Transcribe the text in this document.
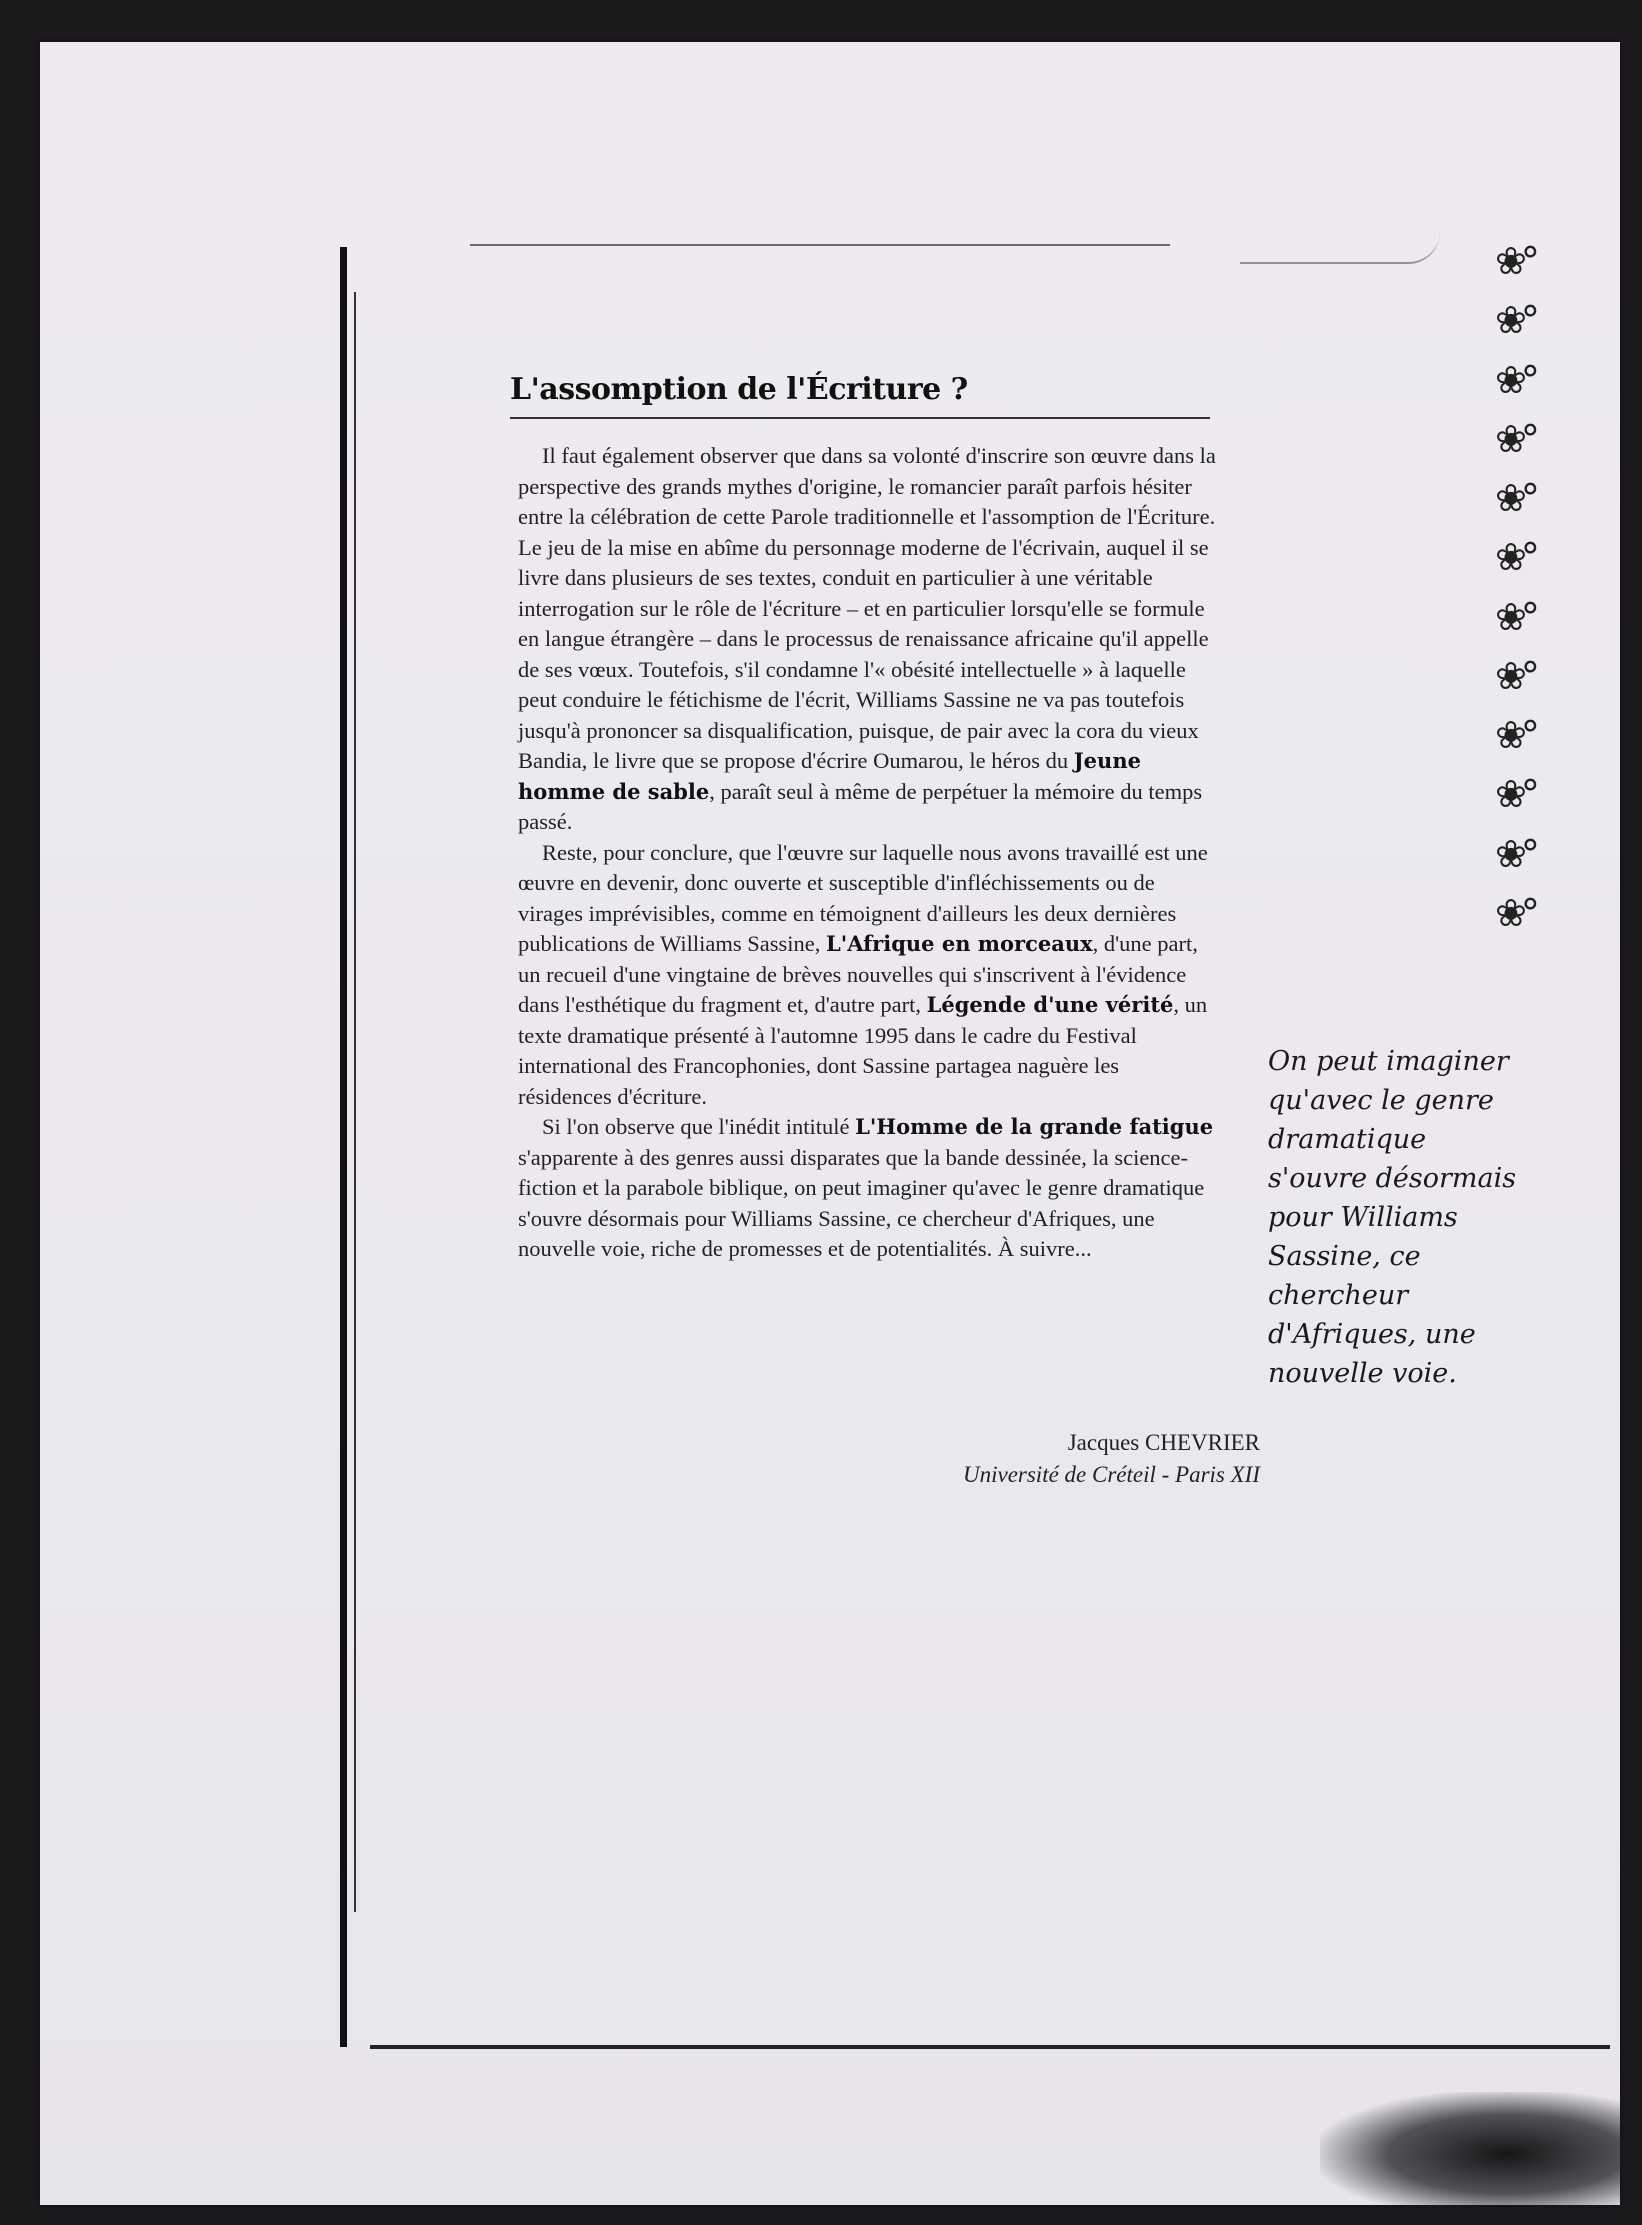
❀°
❀°
❀°
❀°
❀°
❀°
❀°
❀°
❀°
❀°
❀°
❀°
L'assomption de l'Écriture ?

Il faut également observer que dans sa volonté d'inscrire son œuvre dans la perspective des grands mythes d'origine, le romancier paraît parfois hésiter entre la célébration de cette Parole traditionnelle et l'assomption de l'Écriture. Le jeu de la mise en abîme du personnage moderne de l'écrivain, auquel il se livre dans plusieurs de ses textes, conduit en particulier à une véritable interrogation sur le rôle de l'écriture – et en particulier lorsqu'elle se formule en langue étrangère – dans le processus de renaissance africaine qu'il appelle de ses vœux. Toutefois, s'il condamne l'« obésité intellectuelle » à laquelle peut conduire le fétichisme de l'écrit, Williams Sassine ne va pas toutefois jusqu'à prononcer sa disqualification, puisque, de pair avec la cora du vieux Bandia, le livre que se propose d'écrire Oumarou, le héros du Jeune homme de sable, paraît seul à même de perpétuer la mémoire du temps passé.

Reste, pour conclure, que l'œuvre sur laquelle nous avons travaillé est une œuvre en devenir, donc ouverte et susceptible d'infléchissements ou de virages imprévisibles, comme en témoignent d'ailleurs les deux dernières publications de Williams Sassine, L'Afrique en morceaux, d'une part, un recueil d'une vingtaine de brèves nouvelles qui s'inscrivent à l'évidence dans l'esthétique du fragment et, d'autre part, Légende d'une vérité, un texte dramatique présenté à l'automne 1995 dans le cadre du Festival international des Francophonies, dont Sassine partagea naguère les résidences d'écriture.

Si l'on observe que l'inédit intitulé L'Homme de la grande fatigue s'apparente à des genres aussi disparates que la bande dessinée, la science-fiction et la parabole biblique, on peut imaginer qu'avec le genre dramatique s'ouvre désormais pour Williams Sassine, ce chercheur d'Afriques, une nouvelle voie, riche de promesses et de potentialités. À suivre...

On peut imaginer qu'avec le genre dramatique s'ouvre désormais pour Williams Sassine, ce chercheur d'Afriques, une nouvelle voie.
Jacques CHEVRIER
Université de Créteil - Paris XII
